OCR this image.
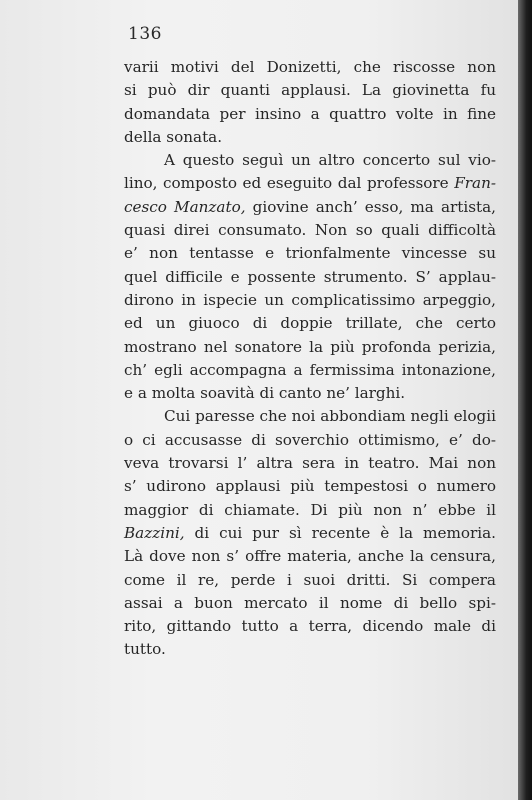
136

varii motivi del Donizetti, che riscosse non
si può dir quanti applausi. La giovinetta fu
domandata per insino a quattro volte in fine
della sonata.

A questo seguì un altro concerto sul vio-
lino, composto ed eseguito dal professore Fran-
cesco Manzato, giovine anch’ esso, ma artista,
quasi direi consumato. Non so quali difficoltà
e’ non tentasse e trionfalmente vincesse su
quel difficile e possente strumento. S’ applau-
dirono in ispecie un complicatissimo arpeggio,
ed un giuoco di doppie trillate, che certo
mostrano nel sonatore la più profonda perizia,
ch’ egli accompagna a fermissima intonazione,
e a molta soavità di canto ne’ larghi.

Cui paresse che noi abbondiam negli elogii
o ci accusasse di soverchio ottimismo, e’ do-
veva trovarsi l’ altra sera in teatro. Mai non
s’ udirono applausi più tempestosi o numero
maggior di chiamate. Di più non n’ ebbe il
Bazzini, di cui pur sì recente è la memoria.
Là dove non s’ offre materia, anche la censura,
come il re, perde i suoi dritti. Si compera
assai a buon mercato il nome di bello spi-
rito, gittando tutto a terra, dicendo male di
tutto.
